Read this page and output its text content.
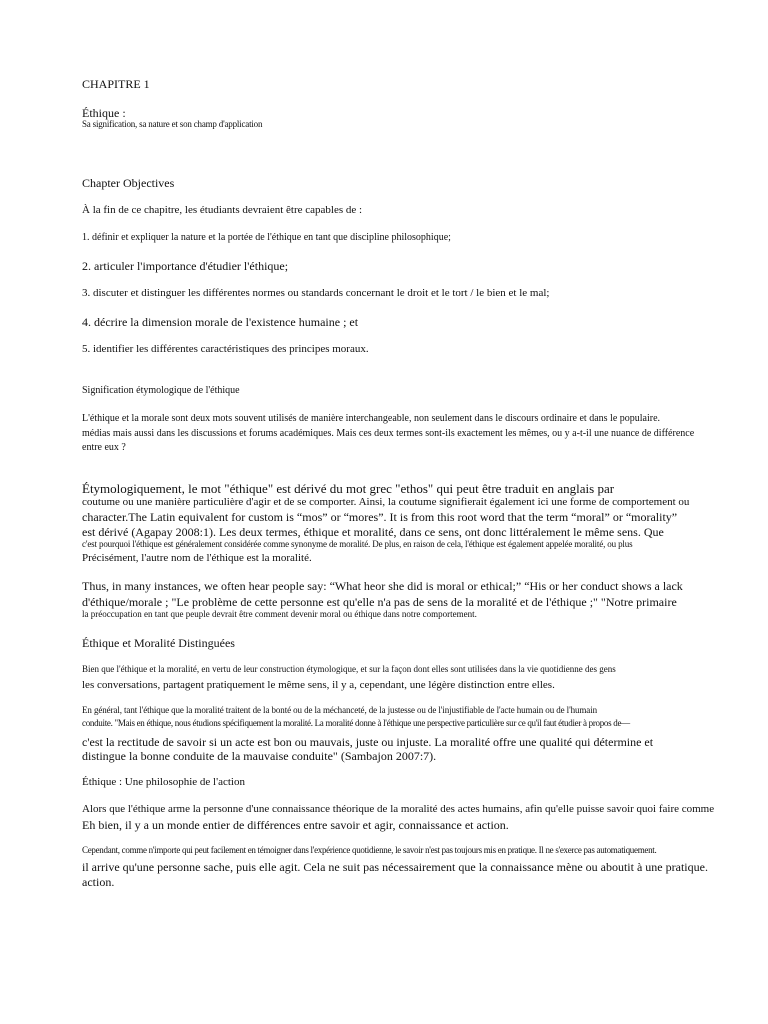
CHAPITRE 1
Éthique :
Sa signification, sa nature et son champ d'application
Chapter Objectives
À la fin de ce chapitre, les étudiants devraient être capables de :
1. définir et expliquer la nature et la portée de l'éthique en tant que discipline philosophique;
2. articuler l'importance d'étudier l'éthique;
3. discuter et distinguer les différentes normes ou standards concernant le droit et le tort / le bien et le mal;
4. décrire la dimension morale de l'existence humaine ; et
5. identifier les différentes caractéristiques des principes moraux.
Signification étymologique de l'éthique
L'éthique et la morale sont deux mots souvent utilisés de manière interchangeable, non seulement dans le discours ordinaire et dans le populaire.
médias mais aussi dans les discussions et forums académiques. Mais ces deux termes sont-ils exactement les mêmes, ou y a-t-il une nuance de différence
entre eux ?
Étymologiquement, le mot "éthique" est dérivé du mot grec "ethos" qui peut être traduit en anglais par
coutume ou une manière particulière d'agir et de se comporter. Ainsi, la coutume signifierait également ici une forme de comportement ou
character.The Latin equivalent for custom is “mos” or “mores”. It is from this root word that the term “moral” or “morality”
est dérivé (Agapay 2008:1). Les deux termes, éthique et moralité, dans ce sens, ont donc littéralement le même sens. Que
c'est pourquoi l'éthique est généralement considérée comme synonyme de moralité. De plus, en raison de cela, l'éthique est également appelée moralité, ou plus
Précisément, l'autre nom de l'éthique est la moralité.
Thus, in many instances, we often hear people say: “What heor she did is moral or ethical;” “His or her conduct shows a lack
d'éthique/morale ; "Le problème de cette personne est qu'elle n'a pas de sens de la moralité et de l'éthique ;" "Notre primaire
la préoccupation en tant que peuple devrait être comment devenir moral ou éthique dans notre comportement.
Éthique et Moralité Distinguées
Bien que l'éthique et la moralité, en vertu de leur construction étymologique, et sur la façon dont elles sont utilisées dans la vie quotidienne des gens
les conversations, partagent pratiquement le même sens, il y a, cependant, une légère distinction entre elles.
En général, tant l'éthique que la moralité traitent de la bonté ou de la méchanceté, de la justesse ou de l'injustifiable de l'acte humain ou de l'humain
conduite. "Mais en éthique, nous étudions spécifiquement la moralité. La moralité donne à l'éthique une perspective particulière sur ce qu'il faut étudier à propos de—
c'est la rectitude de savoir si un acte est bon ou mauvais, juste ou injuste. La moralité offre une qualité qui détermine et
distingue la bonne conduite de la mauvaise conduite" (Sambajon 2007:7).
Éthique : Une philosophie de l'action
Alors que l'éthique arme la personne d'une connaissance théorique de la moralité des actes humains, afin qu'elle puisse savoir quoi faire comme
Eh bien, il y a un monde entier de différences entre savoir et agir, connaissance et action.
Cependant, comme n'importe qui peut facilement en témoigner dans l'expérience quotidienne, le savoir n'est pas toujours mis en pratique. Il ne s'exerce pas automatiquement.
il arrive qu'une personne sache, puis elle agit. Cela ne suit pas nécessairement que la connaissance mène ou aboutit à une pratique.
action.
